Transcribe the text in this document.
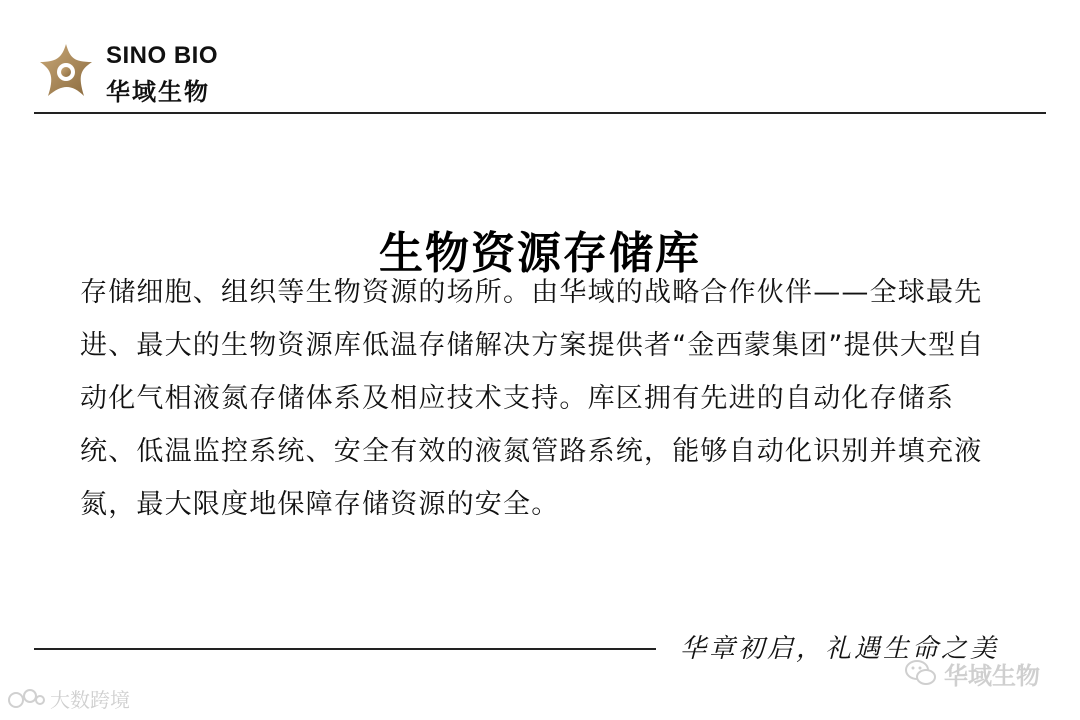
SINO BIO
华域生物
生物资源存储库

存储细胞、组织等生物资源的场所。由华域的战略合作伙伴——全球最先进、最大的生物资源库低温存储解决方案提供者“金西蒙集团”提供大型自动化气相液氮存储体系及相应技术支持。库区拥有先进的自动化存储系统、低温监控系统、安全有效的液氮管路系统，能够自动化识别并填充液氮，最大限度地保障存储资源的安全。

华章初启，礼遇生命之美
大数跨境
华域生物
